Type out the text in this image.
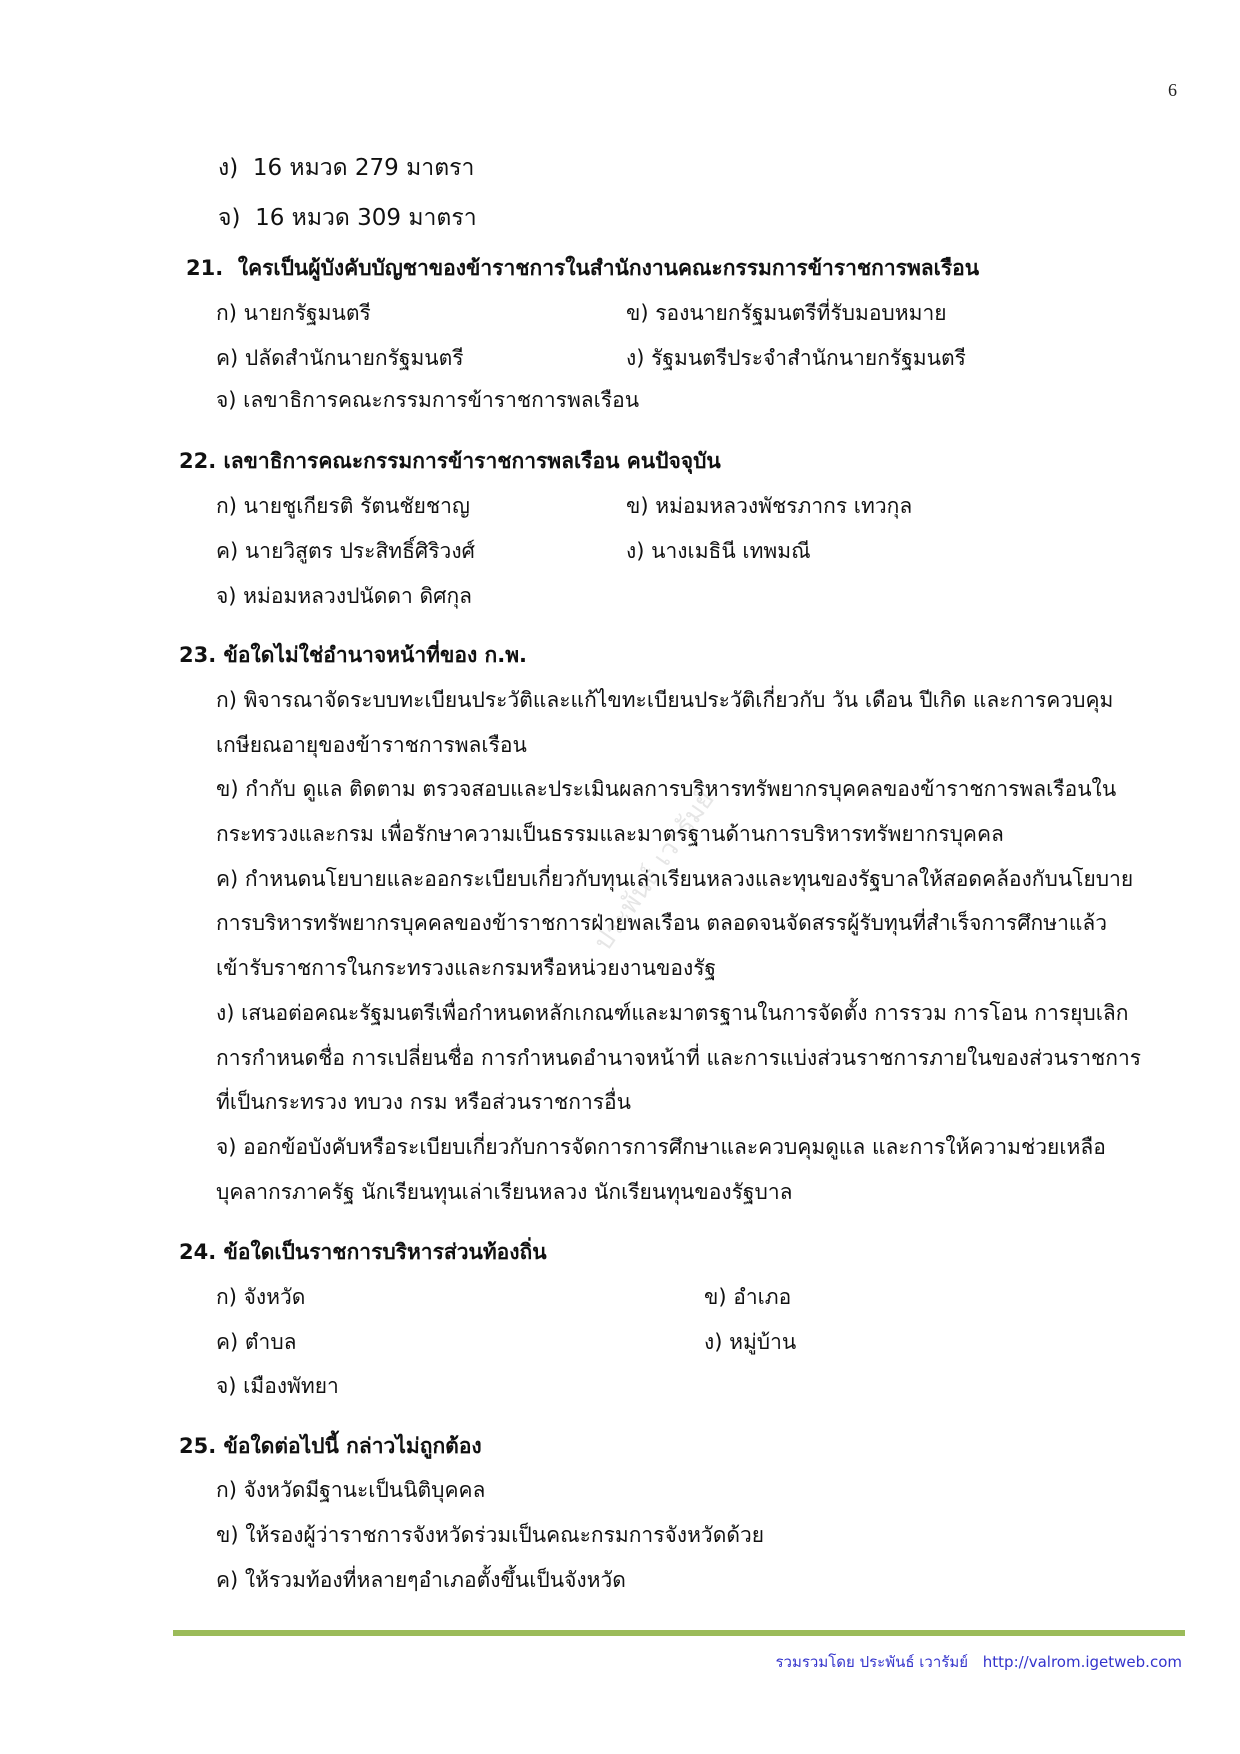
6
ประพันธ์ เวารัมย์
ง) 16 หมวด 279 มาตรา
จ) 16 หมวด 309 มาตรา
21. ใครเป็นผู้บังคับบัญชาของข้าราชการในสำนักงานคณะกรรมการข้าราชการพลเรือน
ก) นายกรัฐมนตรี	ข) รองนายกรัฐมนตรีที่รับมอบหมาย
ค) ปลัดสำนักนายกรัฐมนตรี	ง) รัฐมนตรีประจำสำนักนายกรัฐมนตรี
จ) เลขาธิการคณะกรรมการข้าราชการพลเรือน
22. เลขาธิการคณะกรรมการข้าราชการพลเรือน คนปัจจุบัน
ก) นายชูเกียรติ รัตนชัยชาญ	ข) หม่อมหลวงพัชรภากร เทวกุล
ค) นายวิสูตร ประสิทธิ์ศิริวงศ์	ง) นางเมธินี เทพมณี
จ) หม่อมหลวงปนัดดา ดิศกุล
23. ข้อใดไม่ใช่อำนาจหน้าที่ของ ก.พ.
ก) พิจารณาจัดระบบทะเบียนประวัติและแก้ไขทะเบียนประวัติเกี่ยวกับ วัน เดือน ปีเกิด และการควบคุม
เกษียณอายุของข้าราชการพลเรือน
ข) กำกับ ดูแล ติดตาม ตรวจสอบและประเมินผลการบริหารทรัพยากรบุคคลของข้าราชการพลเรือนใน
กระทรวงและกรม เพื่อรักษาความเป็นธรรมและมาตรฐานด้านการบริหารทรัพยากรบุคคล
ค) กำหนดนโยบายและออกระเบียบเกี่ยวกับทุนเล่าเรียนหลวงและทุนของรัฐบาลให้สอดคล้องกับนโยบาย
การบริหารทรัพยากรบุคคลของข้าราชการฝ่ายพลเรือน ตลอดจนจัดสรรผู้รับทุนที่สำเร็จการศึกษาแล้ว
เข้ารับราชการในกระทรวงและกรมหรือหน่วยงานของรัฐ
ง) เสนอต่อคณะรัฐมนตรีเพื่อกำหนดหลักเกณฑ์และมาตรฐานในการจัดตั้ง การรวม การโอน การยุบเลิก
การกำหนดชื่อ การเปลี่ยนชื่อ การกำหนดอำนาจหน้าที่ และการแบ่งส่วนราชการภายในของส่วนราชการ
ที่เป็นกระทรวง ทบวง กรม หรือส่วนราชการอื่น
จ) ออกข้อบังคับหรือระเบียบเกี่ยวกับการจัดการการศึกษาและควบคุมดูแล และการให้ความช่วยเหลือ
บุคลากรภาครัฐ นักเรียนทุนเล่าเรียนหลวง นักเรียนทุนของรัฐบาล
24. ข้อใดเป็นราชการบริหารส่วนท้องถิ่น
ก) จังหวัด	ข) อำเภอ
ค) ตำบล	ง) หมู่บ้าน
จ) เมืองพัทยา
25. ข้อใดต่อไปนี้ กล่าวไม่ถูกต้อง
ก) จังหวัดมีฐานะเป็นนิติบุคคล
ข) ให้รองผู้ว่าราชการจังหวัดร่วมเป็นคณะกรมการจังหวัดด้วย
ค) ให้รวมท้องที่หลายๆอำเภอตั้งขึ้นเป็นจังหวัด
รวมรวมโดย ประพันธ์ เวารัมย์ http://valrom.igetweb.com
